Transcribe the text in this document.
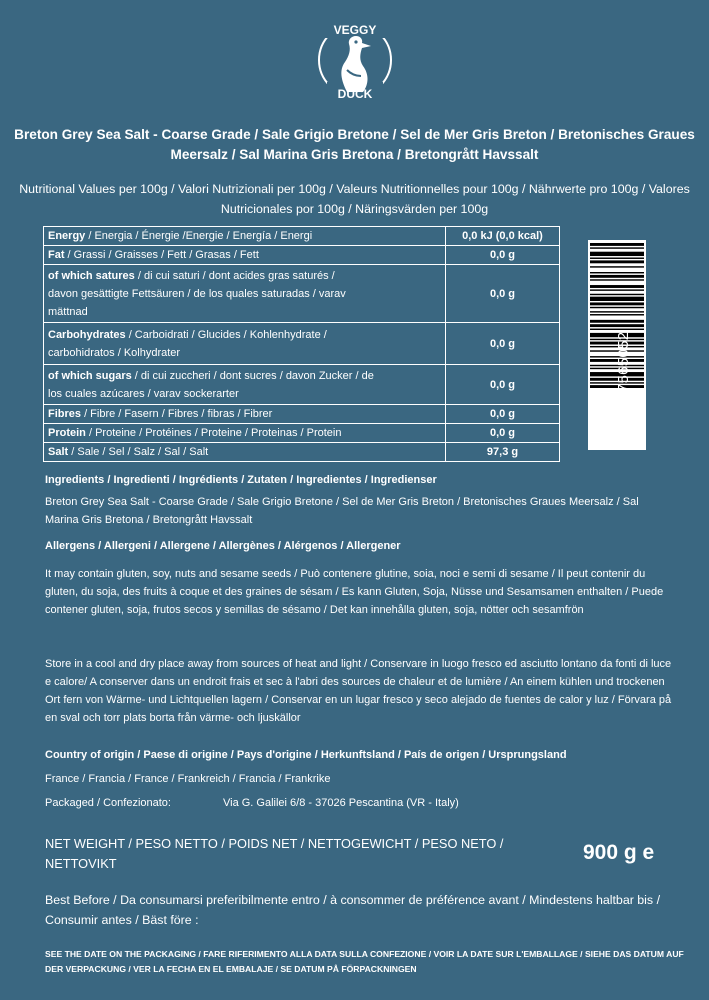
VEGGY
DUCK
Breton Grey Sea Salt - Coarse Grade / Sale Grigio Bretone / Sel de Mer Gris Breton / Bretonisches Graues Meersalz / Sal Marina Gris Bretona / Bretongrått Havssalt
Nutritional Values per 100g / Valori Nutrizionali per 100g / Valeurs Nutritionnelles pour 100g / Nährwerte pro 100g / Valores Nutricionales por 100g / Näringsvärden per 100g
Energy / Energia / Énergie /Energie / Energía / Energi	0,0 kJ (0,0 kcal)
Fat / Grassi / Graisses / Fett / Grasas / Fett	0,0 g
of which satures / di cui saturi / dont acides gras saturés / davon gesättigte Fettsäuren / de los quales saturadas / varav mättnad	0,0 g
Carbohydrates / Carboidrati / Glucides / Kohlenhydrate / carbohidratos / Kolhydrater	0,0 g
of which sugars / di cui zuccheri / dont sucres / davon Zucker / de los cuales azúcares / varav sockerarter	0,0 g
Fibres / Fibre / Fasern / Fibres / fibras / Fibrer	0,0 g
Protein / Proteine / Protéines / Proteine / Proteinas / Protein	0,0 g
Salt / Sale / Sel / Salz / Sal / Salt	97,3 g
8053807565052
Ingredients / Ingredienti / Ingrédients / Zutaten / Ingredientes / Ingredienser
Breton Grey Sea Salt - Coarse Grade / Sale Grigio Bretone / Sel de Mer Gris Breton / Bretonisches Graues Meersalz / Sal Marina Gris Bretona / Bretongrått Havssalt
Allergens / Allergeni / Allergene / Allergènes / Alérgenos / Allergener
It may contain gluten, soy, nuts and sesame seeds / Può contenere glutine, soia, noci e semi di sesame / Il peut contenir du gluten, du soja, des fruits à coque et des graines de sésam / Es kann Gluten, Soja, Nüsse und Sesamsamen enthalten / Puede contener gluten, soja, frutos secos y semillas de sésamo / Det kan innehålla gluten, soja, nötter och sesamfrön
Store in a cool and dry place away from sources of heat and light / Conservare in luogo fresco ed asciutto lontano da fonti di luce e calore/ A conserver dans un endroit frais et sec à l'abri des sources de chaleur et de lumière / An einem kühlen und trockenen Ort fern von Wärme- und Lichtquellen lagern / Conservar en un lugar fresco y seco alejado de fuentes de calor y luz / Förvara på en sval och torr plats borta från värme- och ljuskällor
Country of origin / Paese di origine / Pays d'origine / Herkunftsland / País de origen / Ursprungsland
France / Francia / France / Frankreich / Francia / Frankrike
Packaged / Confezionato:	Via G. Galilei 6/8 - 37026 Pescantina (VR - Italy)
NET WEIGHT / PESO NETTO / POIDS NET / NETTOGEWICHT / PESO NETO / NETTOVIKT	900 g e
Best Before / Da consumarsi preferibilmente entro / à consommer de préférence avant / Mindestens haltbar bis / Consumir antes / Bäst före :
SEE THE DATE ON THE PACKAGING / FARE RIFERIMENTO ALLA DATA SULLA CONFEZIONE / VOIR LA DATE SUR L'EMBALLAGE / SIEHE DAS DATUM AUF DER VERPACKUNG / VER LA FECHA EN EL EMBALAJE / SE DATUM PÅ FÖRPACKNINGEN
